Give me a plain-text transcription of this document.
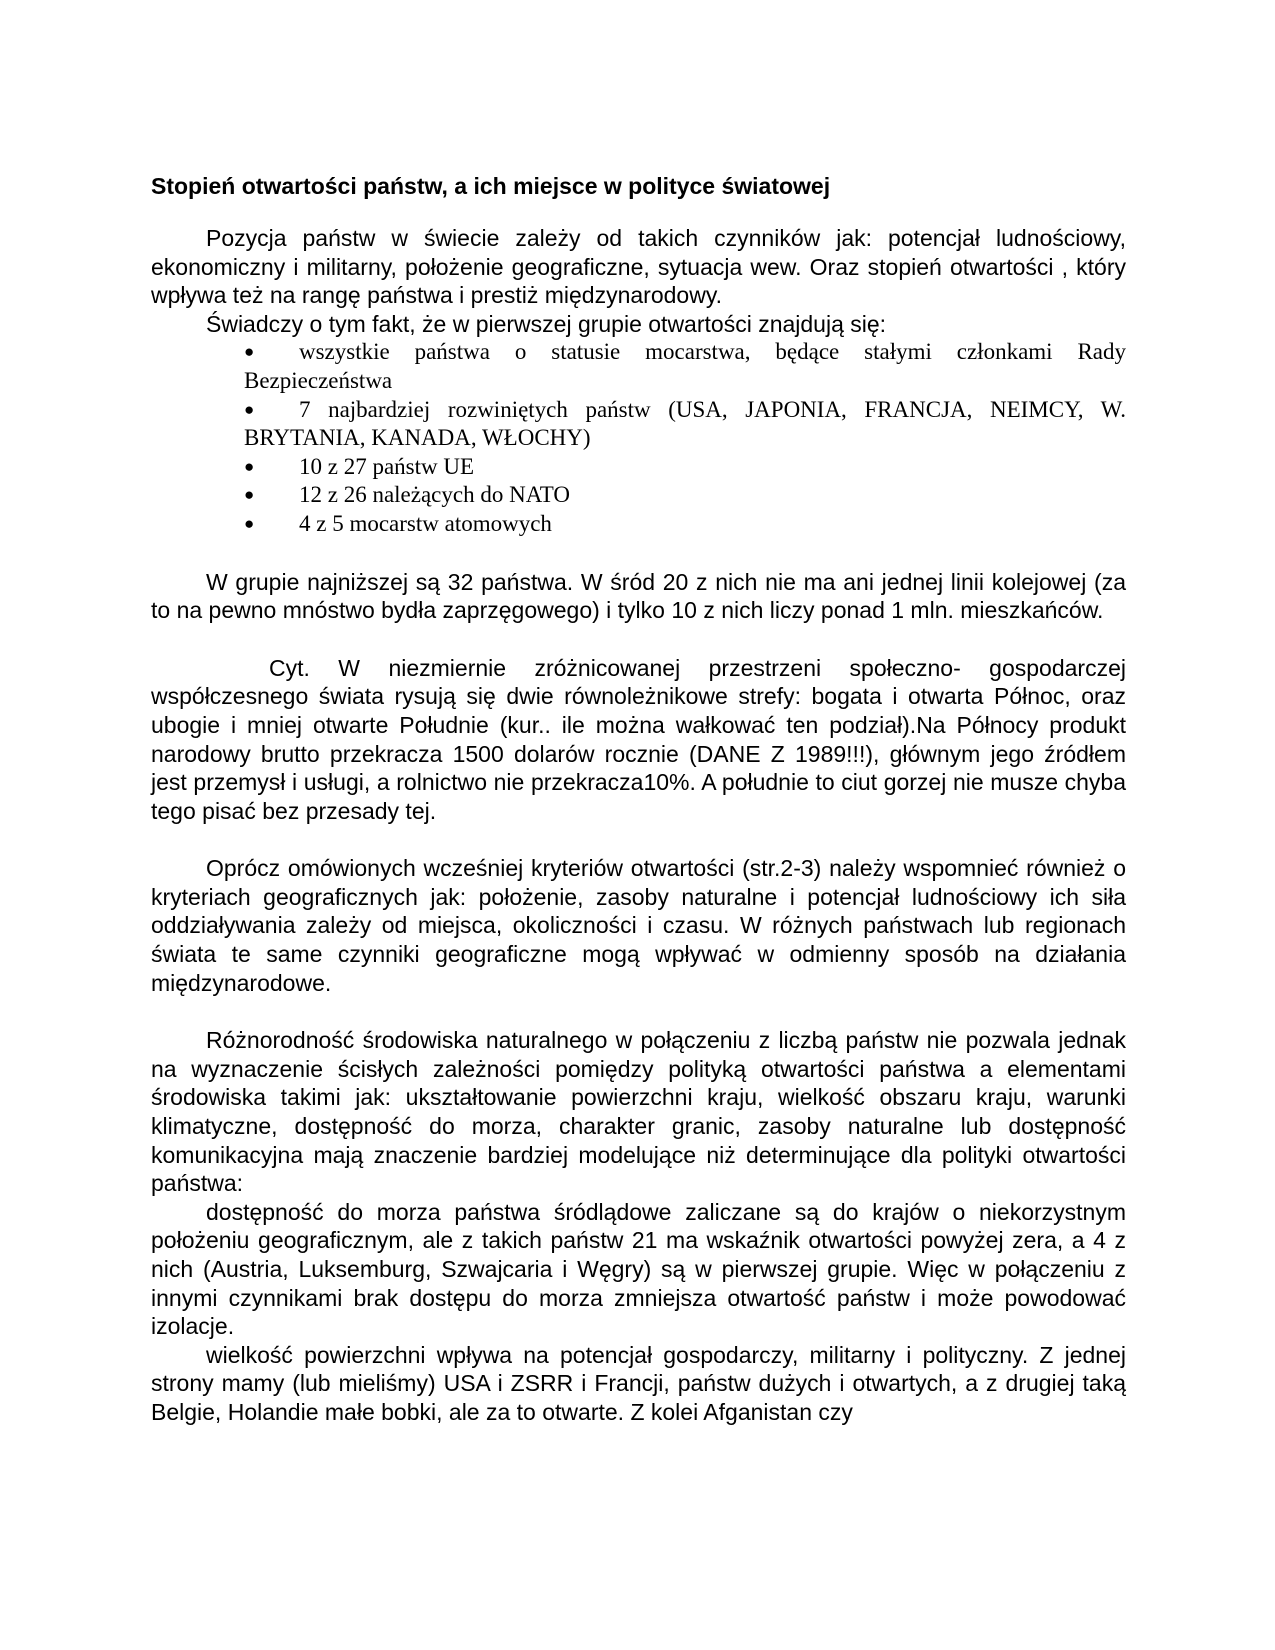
Stopień otwartości państw, a ich miejsce w polityce światowej

Pozycja państw w świecie zależy od takich czynników jak: potencjał ludnościowy, ekonomiczny i militarny, położenie geograficzne, sytuacja wew. Oraz stopień otwartości , który wpływa też na rangę państwa i prestiż międzynarodowy.

Świadczy o tym fakt, że w pierwszej grupie otwartości znajdują się:

● wszystkie państwa o statusie mocarstwa, będące stałymi członkami Rady Bezpieczeństwa
● 7 najbardziej rozwiniętych państw (USA, JAPONIA, FRANCJA, NEIMCY, W. BRYTANIA, KANADA, WŁOCHY)
● 10 z 27 państw UE
● 12 z 26 należących do NATO
● 4 z 5 mocarstw atomowych

W grupie najniższej są 32 państwa. W śród 20 z nich nie ma ani jednej linii kolejowej (za to na pewno mnóstwo bydła zaprzęgowego) i tylko 10 z nich liczy ponad 1 mln. mieszkańców.

Cyt. W niezmiernie zróżnicowanej przestrzeni społeczno- gospodarczej współczesnego świata rysują się dwie równoleżnikowe strefy: bogata i otwarta Północ, oraz ubogie i mniej otwarte Południe (kur.. ile można wałkować ten podział).Na Północy produkt narodowy brutto przekracza 1500 dolarów rocznie (DANE Z 1989!!!), głównym jego źródłem jest przemysł i usługi, a rolnictwo nie przekracza10%. A południe to ciut gorzej nie musze chyba tego pisać bez przesady tej.

Oprócz omówionych wcześniej kryteriów otwartości (str.2-3) należy wspomnieć również o kryteriach geograficznych jak: położenie, zasoby naturalne i potencjał ludnościowy ich siła oddziaływania zależy od miejsca, okoliczności i czasu. W różnych państwach lub regionach świata te same czynniki geograficzne mogą wpływać w odmienny sposób na działania międzynarodowe.

Różnorodność środowiska naturalnego w połączeniu z liczbą państw nie pozwala jednak na wyznaczenie ścisłych zależności pomiędzy polityką otwartości państwa a elementami środowiska takimi jak: ukształtowanie powierzchni kraju, wielkość obszaru kraju, warunki klimatyczne, dostępność do morza, charakter granic, zasoby naturalne lub dostępność komunikacyjna mają znaczenie bardziej modelujące niż determinujące dla polityki otwartości państwa:

dostępność do morza państwa śródlądowe zaliczane są do krajów o niekorzystnym położeniu geograficznym, ale z takich państw 21 ma wskaźnik otwartości powyżej zera, a 4 z nich (Austria, Luksemburg, Szwajcaria i Węgry) są w pierwszej grupie. Więc w połączeniu z innymi czynnikami brak dostępu do morza zmniejsza otwartość państw i może powodować izolacje.

wielkość powierzchni wpływa na potencjał gospodarczy, militarny i polityczny. Z jednej strony mamy (lub mieliśmy) USA i ZSRR i Francji, państw dużych i otwartych, a z drugiej taką Belgie, Holandie małe bobki, ale za to otwarte. Z kolei Afganistan czy
